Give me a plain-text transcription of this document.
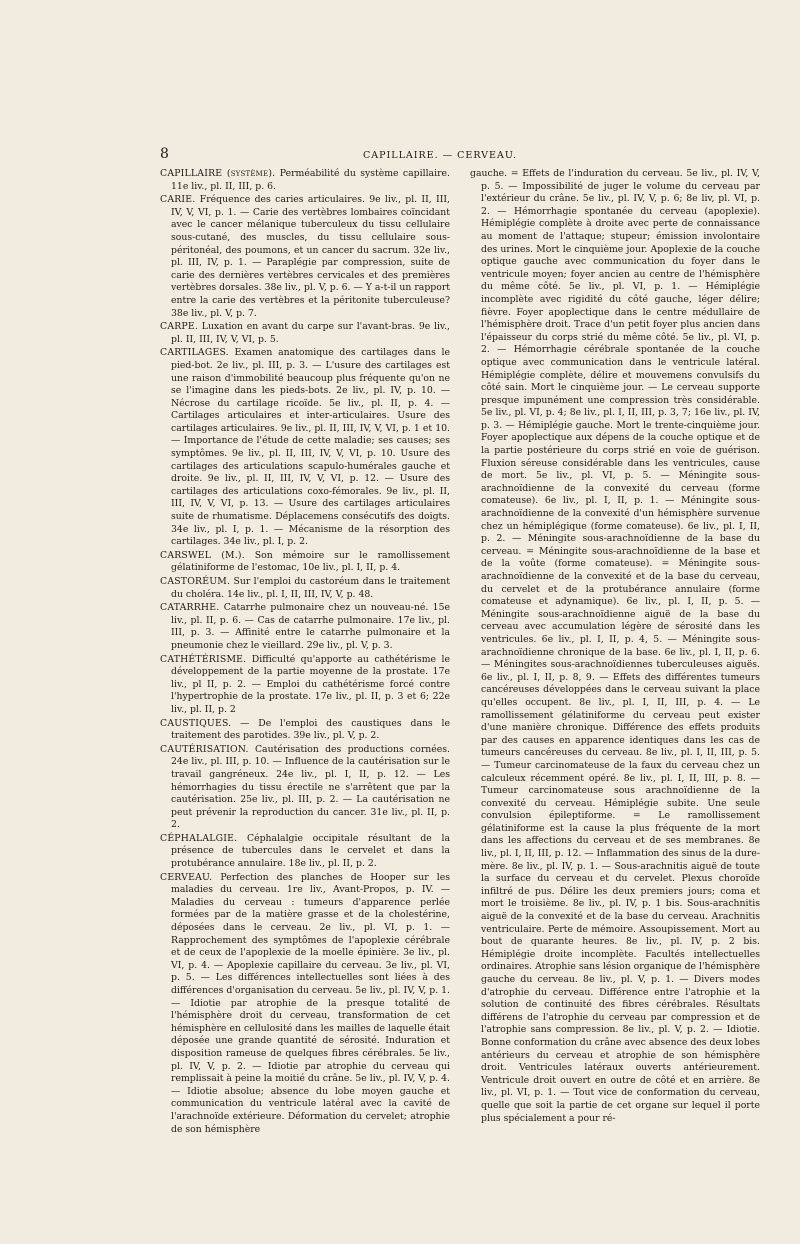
8	CAPILLAIRE. — CERVEAU.

CAPILLAIRE (système). Perméabilité du système capillaire. 11e liv., pl. II, III, p. 6.

CARIE. Fréquence des caries articulaires. 9e liv., pl. II, III, IV, V, VI, p. 1. — Carie des vertèbres lombaires coïncidant avec le cancer mélanique tuberculeux du tissu cellulaire sous-cutané, des muscles, du tissu cellulaire sous-péritonéal, des poumons, et un cancer du sacrum. 32e liv., pl. III, IV, p. 1. — Paraplégie par compression, suite de carie des dernières vertèbres cervicales et des premières vertèbres dorsales. 38e liv., pl. V, p. 6. — Y a-t-il un rapport entre la carie des vertèbres et la péritonite tuberculeuse? 38e liv., pl. V, p. 7.

CARPE. Luxation en avant du carpe sur l'avant-bras. 9e liv., pl. II, III, IV, V, VI, p. 5.

CARTILAGES. Examen anatomique des cartilages dans le pied-bot. 2e liv., pl. III, p. 3. — L'usure des cartilages est une raison d'immobilité beaucoup plus fréquente qu'on ne se l'imagine dans les pieds-bots. 2e liv., pl. IV, p. 10. — Nécrose du cartilage ricoïde. 5e liv., pl. II, p. 4. — Cartilages articulaires et inter-articulaires. Usure des cartilages articulaires. 9e liv., pl. II, III, IV, V, VI, p. 1 et 10. — Importance de l'étude de cette maladie; ses causes; ses symptômes. 9e liv., pl. II, III, IV, V, VI, p. 10. Usure des cartilages des articulations scapulo-humérales gauche et droite. 9e liv., pl. II, III, IV, V, VI, p. 12. — Usure des cartilages des articulations coxo-fémorales. 9e liv., pl. II, III, IV, V, VI, p. 13. — Usure des cartilages articulaires suite de rhumatisme. Déplacemens consécutifs des doigts. 34e liv., pl. I, p. 1. — Mécanisme de la résorption des cartilages. 34e liv., pl. I, p. 2.

CARSWEL (M.). Son mémoire sur le ramollissement gélatiniforme de l'estomac, 10e liv., pl. I, II, p. 4.

CASTORÉUM. Sur l'emploi du castoréum dans le traitement du choléra. 14e liv., pl. I, II, III, IV, V, p. 48.

CATARRHE. Catarrhe pulmonaire chez un nouveau-né. 15e liv., pl. II, p. 6. — Cas de catarrhe pulmonaire. 17e liv., pl. III, p. 3. — Affinité entre le catarrhe pulmonaire et la pneumonie chez le vieillard. 29e liv., pl. V, p. 3.

CATHÉTÉRISME. Difficulté qu'apporte au cathétérisme le développement de la partie moyenne de la prostate. 17e liv., pl II, p. 2. — Emploi du cathétérisme forcé contre l'hypertrophie de la prostate. 17e liv., pl. II, p. 3 et 6; 22e liv., pl. II, p. 2

CAUSTIQUES. — De l'emploi des caustiques dans le traitement des parotides. 39e liv., pl. V, p. 2.

CAUTÉRISATION. Cautérisation des productions cornées. 24e liv., pl. III, p. 10. — Influence de la cautérisation sur le travail gangréneux. 24e liv., pl. I, II, p. 12. — Les hémorrhagies du tissu érectile ne s'arrêtent que par la cautérisation. 25e liv., pl. III, p. 2. — La cautérisation ne peut prévenir la reproduction du cancer. 31e liv., pl. II, p. 2.

CÉPHALALGIE. Céphalalgie occipitale résultant de la présence de tubercules dans le cervelet et dans la protubérance annulaire. 18e liv., pl. II, p. 2.

CERVEAU. Perfection des planches de Hooper sur les maladies du cerveau. 1re liv., Avant-Propos, p. IV. — Maladies du cerveau : tumeurs d'apparence perlée formées par de la matière grasse et de la cholestérine, déposées dans le cerveau. 2e liv., pl. VI, p. 1. — Rapprochement des symptômes de l'apoplexie cérébrale et de ceux de l'apoplexie de la moelle épinière. 3e liv., pl. VI, p. 4. — Apoplexie capillaire du cerveau. 3e liv., pl. VI, p. 5. — Les différences intellectuelles sont liées à des différences d'organisation du cerveau. 5e liv., pl. IV, V, p. 1. — Idiotie par atrophie de la presque totalité de l'hémisphère droit du cerveau, transformation de cet hémisphère en cellulosité dans les mailles de laquelle était déposée une grande quantité de sérosité. Induration et disposition rameuse de quelques fibres cérébrales. 5e liv., pl. IV, V, p. 2. — Idiotie par atrophie du cerveau qui remplissait à peine la moitié du crâne. 5e liv., pl. IV, V, p. 4. — Idiotie absolue; absence du lobe moyen gauche et communication du ventricule latéral avec la cavité de l'arachnoïde extérieure. Déformation du cervelet; atrophie de son hémisphère

gauche. = Effets de l'induration du cerveau. 5e liv., pl. IV, V, p. 5. — Impossibilité de juger le volume du cerveau par l'extérieur du crâne. 5e liv., pl. IV, V, p. 6; 8e liv, pl. VI, p. 2. — Hémorrhagie spontanée du cerveau (apoplexie). Hémiplégie complète à droite avec perte de connaissance au moment de l'attaque; stupeur; émission involontaire des urines. Mort le cinquième jour. Apoplexie de la couche optique gauche avec communication du foyer dans le ventricule moyen; foyer ancien au centre de l'hémisphère du même côté. 5e liv., pl. VI, p. 1. — Hémiplégie incomplète avec rigidité du côté gauche, léger délire; fièvre. Foyer apoplectique dans le centre médullaire de l'hémisphère droit. Trace d'un petit foyer plus ancien dans l'épaisseur du corps strié du même côté. 5e liv., pl. VI, p. 2. — Hémorrhagie cérébrale spontanée de la couche optique avec communication dans le ventricule latéral. Hémiplégie complète, délire et mouvemens convulsifs du côté sain. Mort le cinquième jour. — Le cerveau supporte presque impunément une compression très considérable. 5e liv., pl. VI, p. 4; 8e liv., pl. I, II, III, p. 3, 7; 16e liv., pl. IV, p. 3. — Hémiplégie gauche. Mort le trente-cinquième jour. Foyer apoplectique aux dépens de la couche optique et de la partie postérieure du corps strié en voie de guérison. Fluxion séreuse considérable dans les ventricules, cause de mort. 5e liv., pl. VI, p. 5. — Méningite sous-arachnoïdienne de la convexité du cerveau (forme comateuse). 6e liv., pl. I, II, p. 1. — Méningite sous-arachnoïdienne de la convexité d'un hémisphère survenue chez un hémiplégique (forme comateuse). 6e liv., pl. I, II, p. 2. — Méningite sous-arachnoïdienne de la base du cerveau. = Méningite sous-arachnoïdienne de la base et de la voûte (forme comateuse). = Méningite sous-arachnoïdienne de la convexité et de la base du cerveau, du cervelet et de la protubérance annulaire (forme comateuse et adynamique). 6e liv., pl. I, II, p. 5. — Méningite sous-arachnoïdienne aiguë de la base du cerveau avec accumulation légère de sérosité dans les ventricules. 6e liv., pl. I, II, p. 4, 5. — Méningite sous-arachnoïdienne chronique de la base. 6e liv., pl. I, II, p. 6. — Méningites sous-arachnoïdiennes tuberculeuses aiguës. 6e liv., pl. I, II, p. 8, 9. — Effets des différentes tumeurs cancéreuses développées dans le cerveau suivant la place qu'elles occupent. 8e liv., pl. I, II, III, p. 4. — Le ramollissement gélatiniforme du cerveau peut exister d'une manière chronique. Différence des effets produits par des causes en apparence identiques dans les cas de tumeurs cancéreuses du cerveau. 8e liv., pl. I, II, III, p. 5. — Tumeur carcinomateuse de la faux du cerveau chez un calculeux récemment opéré. 8e liv., pl. I, II, III, p. 8. — Tumeur carcinomateuse sous arachnoïdienne de la convexité du cerveau. Hémiplégie subite. Une seule convulsion épileptiforme. = Le ramollissement gélatiniforme est la cause la plus fréquente de la mort dans les affections du cerveau et de ses membranes. 8e liv., pl. I, II, III, p. 12. — Inflammation des sinus de la dure-mère. 8e liv., pl. IV, p. 1. — Sous-arachnitis aiguë de toute la surface du cerveau et du cervelet. Plexus choroïde infiltré de pus. Délire les deux premiers jours; coma et mort le troisième. 8e liv., pl. IV, p. 1 bis. Sous-arachnitis aiguë de la convexité et de la base du cerveau. Arachnitis ventriculaire. Perte de mémoire. Assoupissement. Mort au bout de quarante heures. 8e liv., pl. IV, p. 2 bis. Hémiplégie droite incomplète. Facultés intellectuelles ordinaires. Atrophie sans lésion organique de l'hémisphère gauche du cerveau. 8e liv., pl. V, p. 1. — Divers modes d'atrophie du cerveau. Différence entre l'atrophie et la solution de continuité des fibres cérébrales. Résultats différens de l'atrophie du cerveau par compression et de l'atrophie sans compression. 8e liv., pl. V, p. 2. — Idiotie. Bonne conformation du crâne avec absence des deux lobes antérieurs du cerveau et atrophie de son hémisphère droit. Ventricules latéraux ouverts antérieurement. Ventricule droit ouvert en outre de côté et en arrière. 8e liv., pl. VI, p. 1. — Tout vice de conformation du cerveau, quelle que soit la partie de cet organe sur lequel il porte plus spécialement a pour ré-
